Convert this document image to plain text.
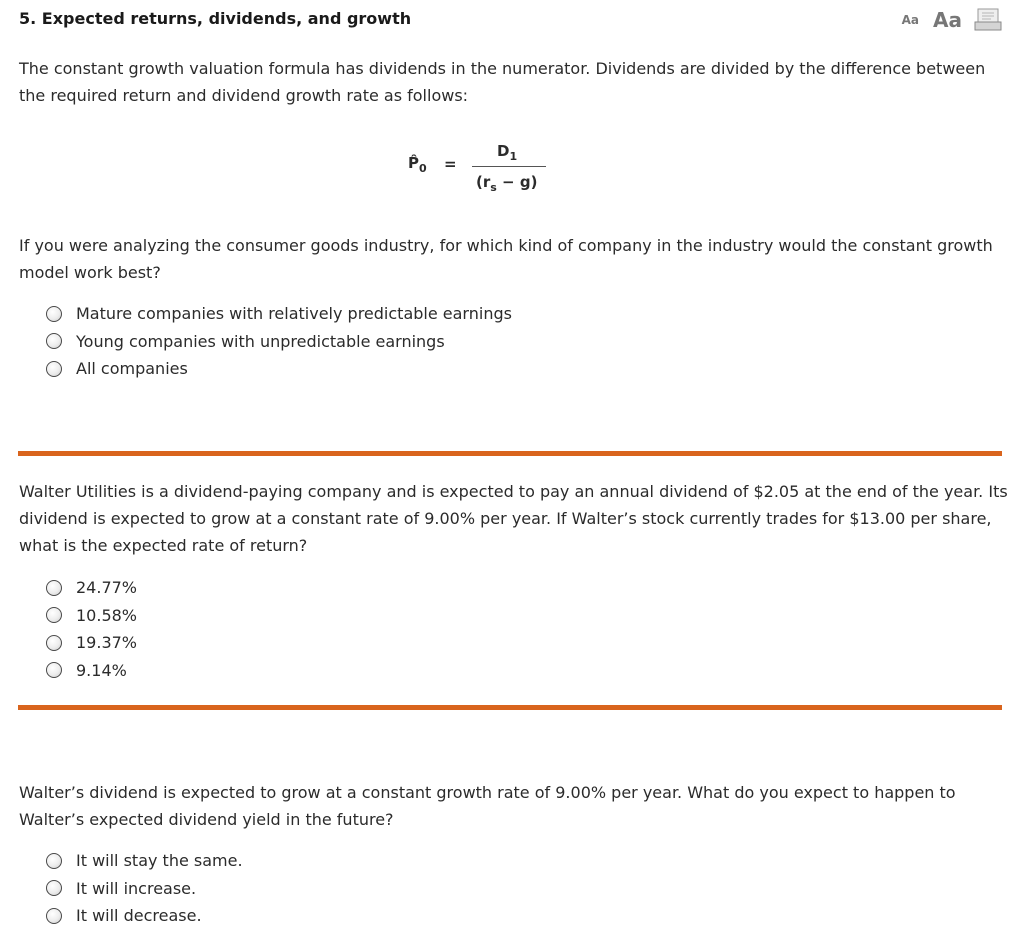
5. Expected returns, dividends, and growth	Aa Aa
The constant growth valuation formula has dividends in the numerator. Dividends are divided by the difference between the required return and dividend growth rate as follows:
$P̂_0$ =
$D_1$
$(r_s - g)$
If you were analyzing the consumer goods industry, for which kind of company in the industry would the constant growth model work best?
Mature companies with relatively predictable earnings
Young companies with unpredictable earnings
All companies
Walter Utilities is a dividend-paying company and is expected to pay an annual dividend of $2.05 at the end of the year. Its dividend is expected to grow at a constant rate of 9.00% per year. If Walter’s stock currently trades for $13.00 per share, what is the expected rate of return?
24.77%
10.58%
19.37%
9.14%
Walter’s dividend is expected to grow at a constant growth rate of 9.00% per year. What do you expect to happen to Walter’s expected dividend yield in the future?
It will stay the same.
It will increase.
It will decrease.
